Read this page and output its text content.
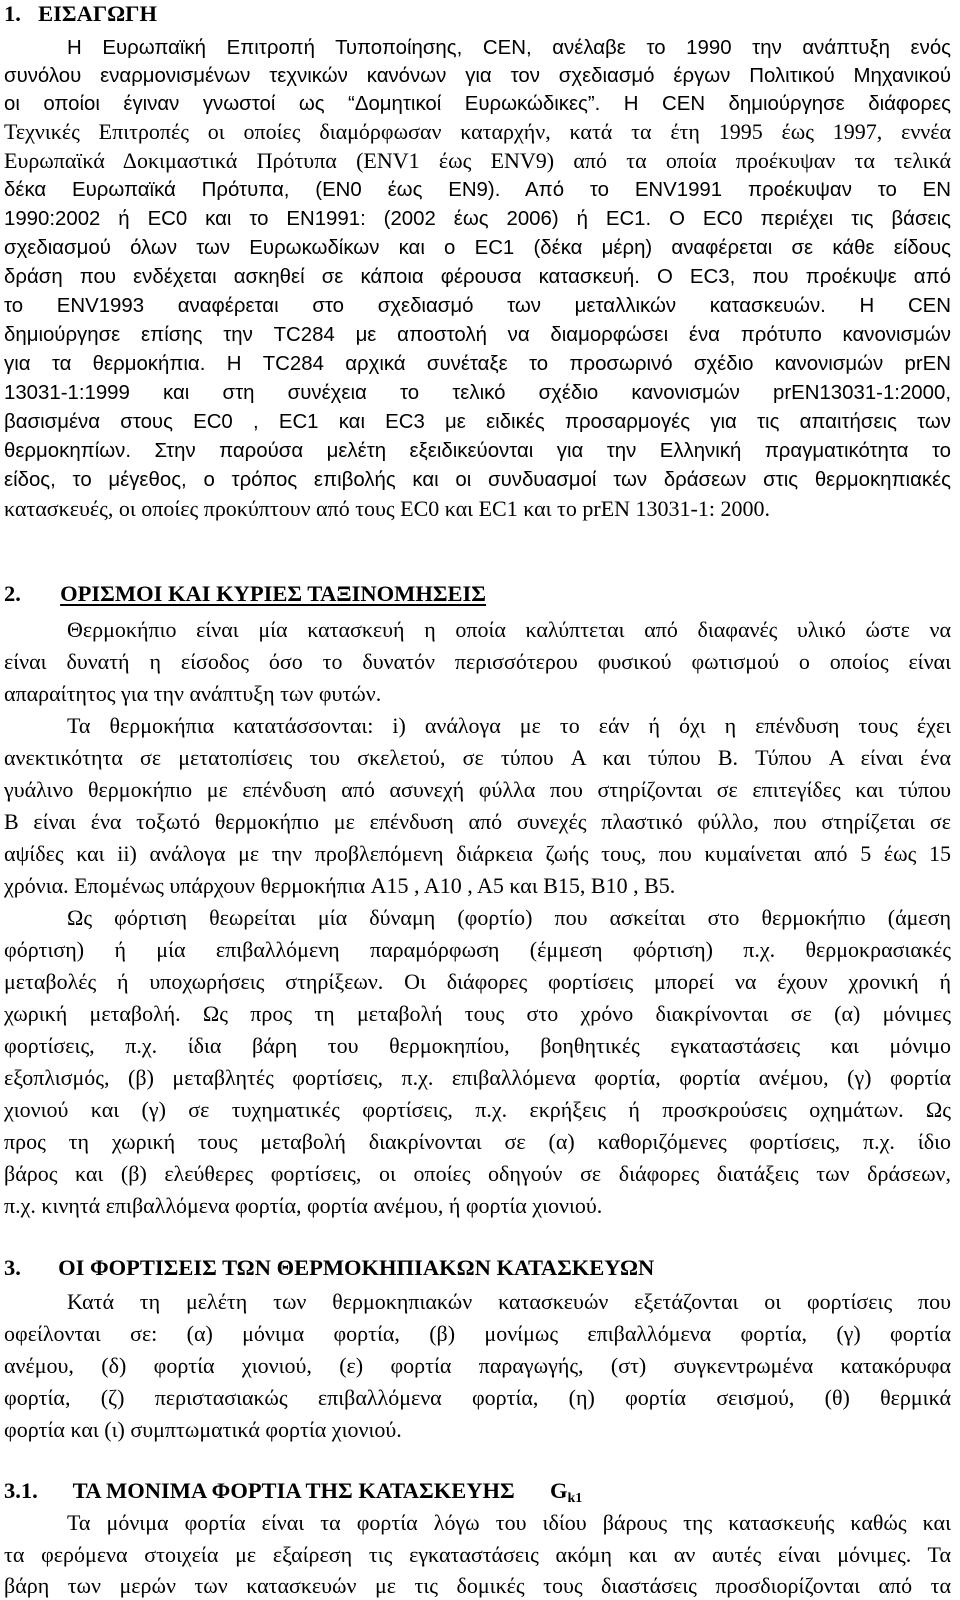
1. ΕΙΣΑΓΩΓΗ
Η Ευρωπαϊκή Επιτροπή Τυποποίησης, CEN, ανέλαβε το 1990 την ανάπτυξη ενός
συνόλου εναρμονισμένων τεχνικών κανόνων για τον σχεδιασμό έργων Πολιτικού Μηχανικού
οι οποίοι έγιναν γνωστοί ως “Δομητικοί Ευρωκώδικες”. Η CEN δημιούργησε διάφορες
Τεχνικές Επιτροπές οι οποίες διαμόρφωσαν καταρχήν, κατά τα έτη 1995 έως 1997, εννέα
Ευρωπαϊκά Δοκιμαστικά Πρότυπα (ENV1 έως ENV9) από τα οποία προέκυψαν τα τελικά
δέκα Ευρωπαϊκά Πρότυπα, (EN0 έως EN9). Από το ENV1991 προέκυψαν το EN
1990:2002 ή EC0 και το EN1991: (2002 έως 2006) ή EC1. Ο EC0 περιέχει τις βάσεις
σχεδιασμού όλων των Ευρωκωδίκων και ο EC1 (δέκα μέρη) αναφέρεται σε κάθε είδους
δράση που ενδέχεται ασκηθεί σε κάποια φέρουσα κατασκευή. Ο EC3, που προέκυψε από
το ENV1993 αναφέρεται στο σχεδιασμό των μεταλλικών κατασκευών. Η CEN
δημιούργησε επίσης την TC284 με αποστολή να διαμορφώσει ένα πρότυπο κανονισμών
για τα θερμοκήπια. Η TC284 αρχικά συνέταξε το προσωρινό σχέδιο κανονισμών prEN
13031-1:1999 και στη συνέχεια το τελικό σχέδιο κανονισμών prEN13031-1:2000,
βασισμένα στους EC0 , EC1 και EC3 με ειδικές προσαρμογές για τις απαιτήσεις των
θερμοκηπίων. Στην παρούσα μελέτη εξειδικεύονται για την Ελληνική πραγματικότητα το
είδος, το μέγεθος, ο τρόπος επιβολής και οι συνδυασμοί των δράσεων στις θερμοκηπιακές
κατασκευές, οι οποίες προκύπτουν από τους EC0 και EC1 και το prEN 13031-1: 2000.
2. ΟΡΙΣΜΟΙ ΚΑΙ ΚΥΡΙΕΣ ΤΑΞΙΝΟΜΗΣΕΙΣ
Θερμοκήπιο είναι μία κατασκευή η οποία καλύπτεται από διαφανές υλικό ώστε να
είναι δυνατή η είσοδος όσο το δυνατόν περισσότερου φυσικού φωτισμού ο οποίος είναι
απαραίτητος για την ανάπτυξη των φυτών.
Τα θερμοκήπια κατατάσσονται: i) ανάλογα με το εάν ή όχι η επένδυση τους έχει
ανεκτικότητα σε μετατοπίσεις του σκελετού, σε τύπου A και τύπου B. Τύπου A είναι ένα
γυάλινο θερμοκήπιο με επένδυση από ασυνεχή φύλλα που στηρίζονται σε επιτεγίδες και τύπου
B είναι ένα τοξωτό θερμοκήπιο με επένδυση από συνεχές πλαστικό φύλλο, που στηρίζεται σε
αψίδες και ii) ανάλογα με την προβλεπόμενη διάρκεια ζωής τους, που κυμαίνεται από 5 έως 15
χρόνια. Επομένως υπάρχουν θερμοκήπια A15 , A10 , A5 και B15, B10 , B5.
Ως φόρτιση θεωρείται μία δύναμη (φορτίο) που ασκείται στο θερμοκήπιο (άμεση
φόρτιση) ή μία επιβαλλόμενη παραμόρφωση (έμμεση φόρτιση) π.χ. θερμοκρασιακές
μεταβολές ή υποχωρήσεις στηρίξεων. Οι διάφορες φορτίσεις μπορεί να έχουν χρονική ή
χωρική μεταβολή. Ως προς τη μεταβολή τους στο χρόνο διακρίνονται σε (α) μόνιμες
φορτίσεις, π.χ. ίδια βάρη του θερμοκηπίου, βοηθητικές εγκαταστάσεις και μόνιμο
εξοπλισμός, (β) μεταβλητές φορτίσεις, π.χ. επιβαλλόμενα φορτία, φορτία ανέμου, (γ) φορτία
χιονιού και (γ) σε τυχηματικές φορτίσεις, π.χ. εκρήξεις ή προσκρούσεις οχημάτων. Ως
προς τη χωρική τους μεταβολή διακρίνονται σε (α) καθοριζόμενες φορτίσεις, π.χ. ίδιο
βάρος και (β) ελεύθερες φορτίσεις, οι οποίες οδηγούν σε διάφορες διατάξεις των δράσεων,
π.χ. κινητά επιβαλλόμενα φορτία, φορτία ανέμου, ή φορτία χιονιού.
3. ΟΙ ΦΟΡΤΙΣΕΙΣ ΤΩΝ ΘΕΡΜΟΚΗΠΙΑΚΩΝ ΚΑΤΑΣΚΕΥΩΝ
Κατά τη μελέτη των θερμοκηπιακών κατασκευών εξετάζονται οι φορτίσεις που
οφείλονται σε: (α) μόνιμα φορτία, (β) μονίμως επιβαλλόμενα φορτία, (γ) φορτία
ανέμου, (δ) φορτία χιονιού, (ε) φορτία παραγωγής, (στ) συγκεντρωμένα κατακόρυφα
φορτία, (ζ) περιστασιακώς επιβαλλόμενα φορτία, (η) φορτία σεισμού, (θ) θερμικά
φορτία και (ι) συμπτωματικά φορτία χιονιού.
3.1. ΤΑ ΜΟΝΙΜΑ ΦΟΡΤΙΑ ΤΗΣ ΚΑΤΑΣΚΕΥΗΣ $G_{k1}$
Τα μόνιμα φορτία είναι τα φορτία λόγω του ιδίου βάρους της κατασκευής καθώς και
τα φερόμενα στοιχεία με εξαίρεση τις εγκαταστάσεις ακόμη και αν αυτές είναι μόνιμες. Τα
βάρη των μερών των κατασκευών με τις δομικές τους διαστάσεις προσδιορίζονται από τα
